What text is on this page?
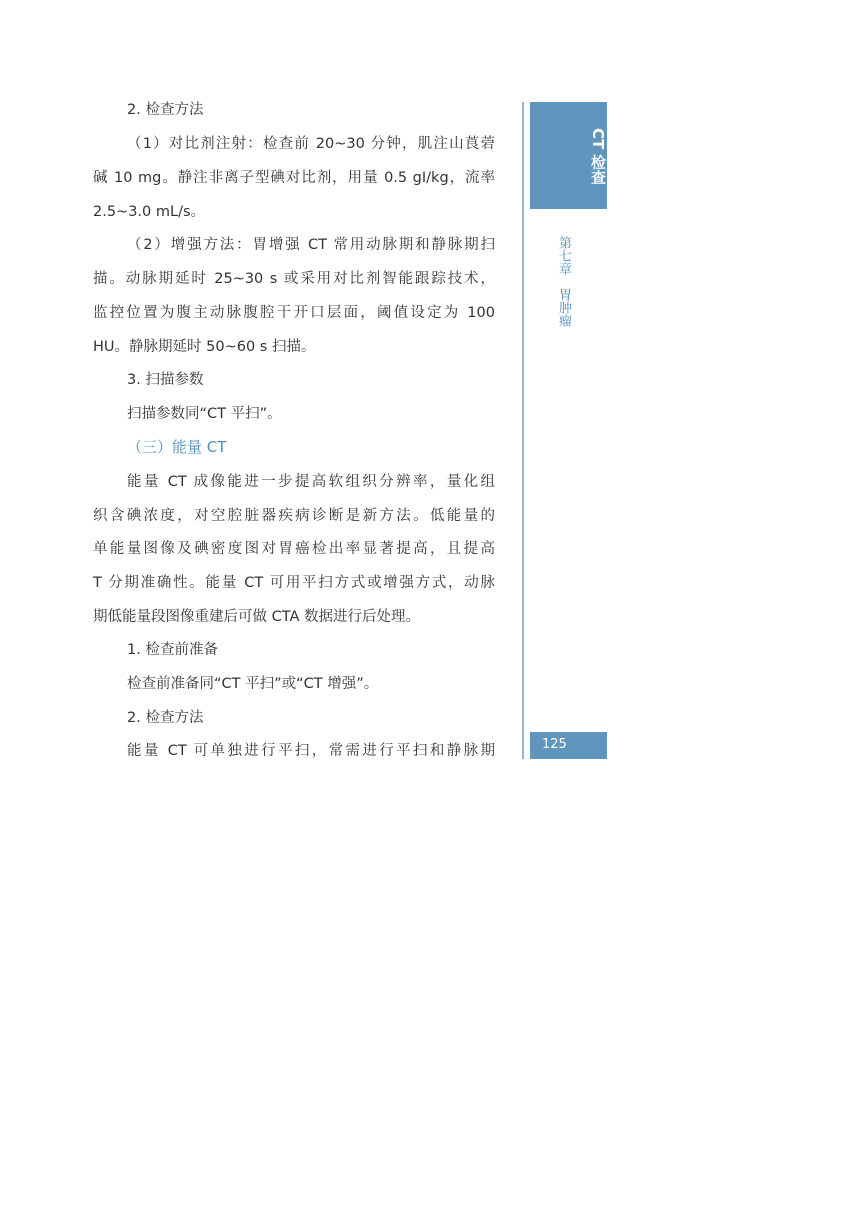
2. 检查方法
（1）对比剂注射：检查前 20~30 分钟，肌注山莨菪
碱 10 mg。静注非离子型碘对比剂，用量 0.5 gI/kg，流率
2.5~3.0 mL/s。
（2）增强方法：胃增强 CT 常用动脉期和静脉期扫
描。动脉期延时 25~30 s 或采用对比剂智能跟踪技术，
监控位置为腹主动脉腹腔干开口层面，阈值设定为 100
HU。静脉期延时 50~60 s 扫描。
3. 扫描参数
扫描参数同“CT 平扫”。
（三）能量 CT
能量 CT 成像能进一步提高软组织分辨率，量化组
织含碘浓度，对空腔脏器疾病诊断是新方法。低能量的
单能量图像及碘密度图对胃癌检出率显著提高，且提高
T 分期准确性。能量 CT 可用平扫方式或增强方式，动脉
期低能量段图像重建后可做 CTA 数据进行后处理。
1. 检查前准备
检查前准备同“CT 平扫”或“CT 增强”。
2. 检查方法
能量 CT 可单独进行平扫，常需进行平扫和静脉期
CT 检查
第七章　胃肿瘤
125
